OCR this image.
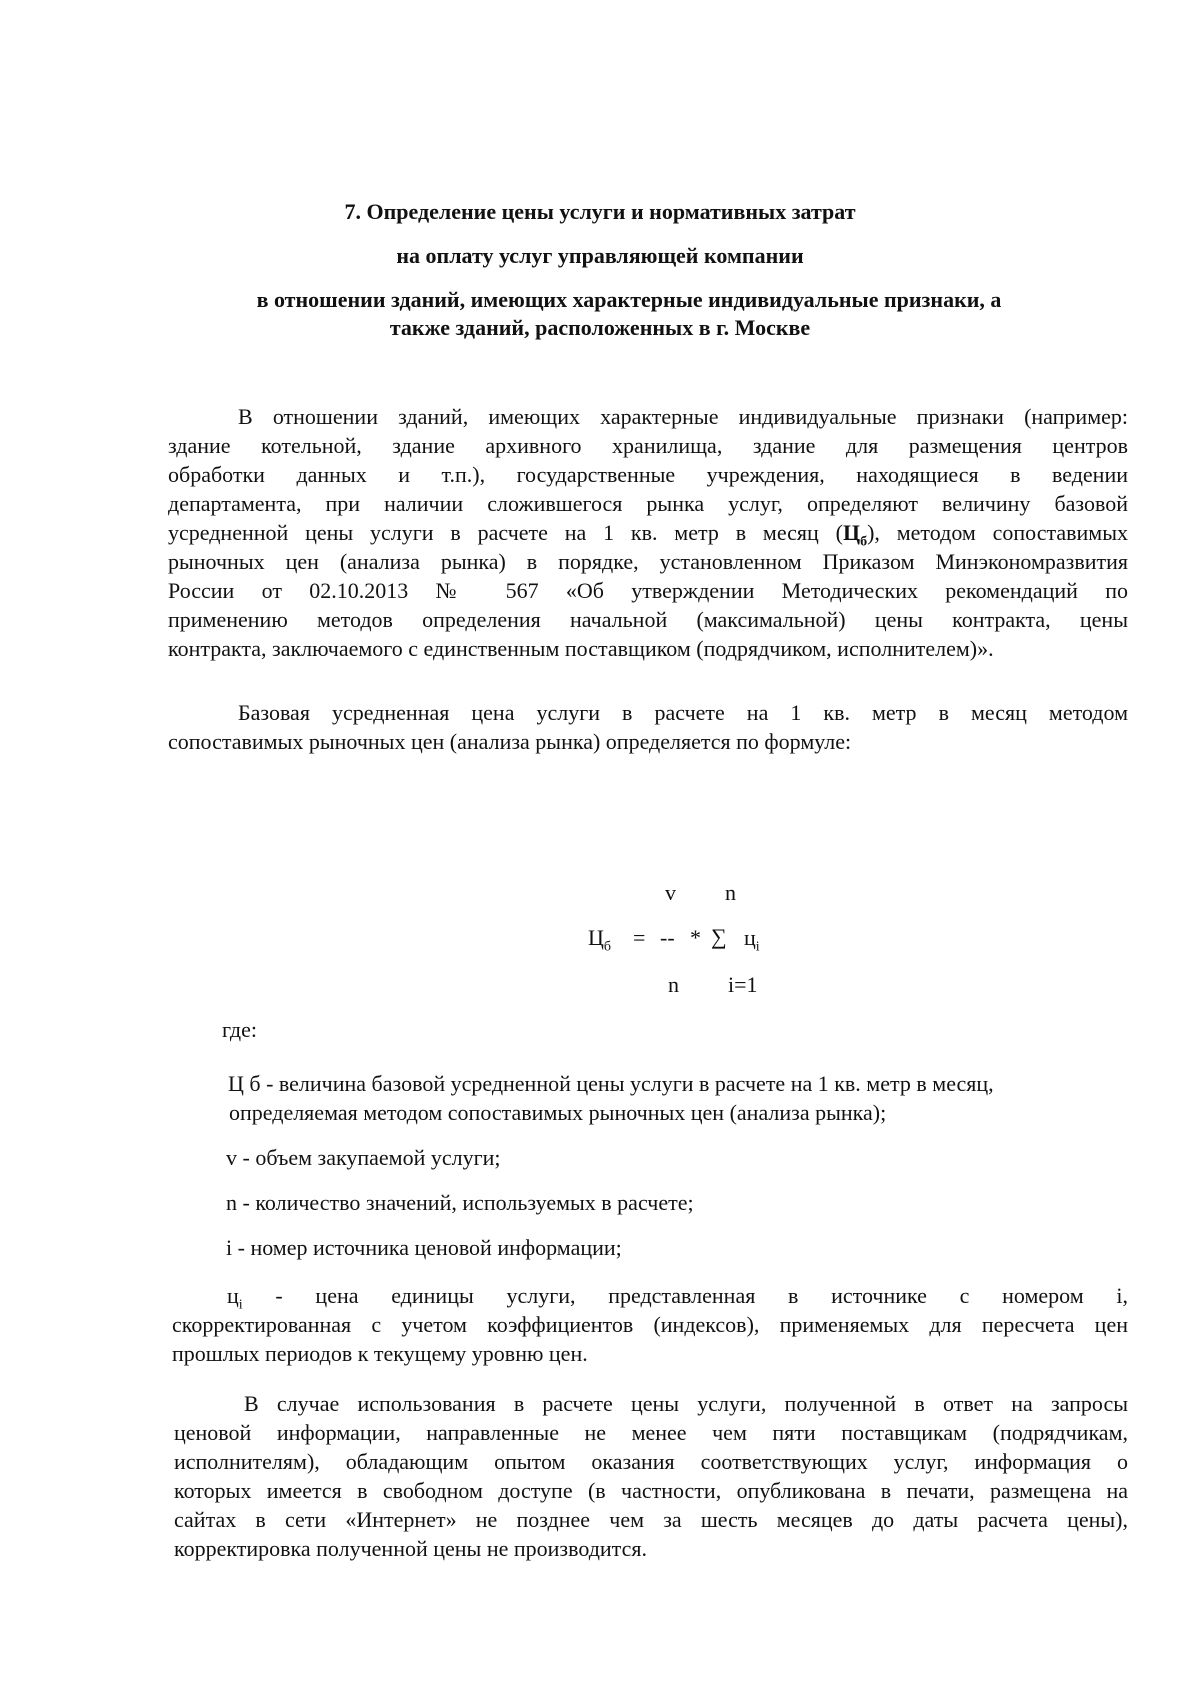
7. Определение цены услуги и нормативных затрат
на оплату услуг управляющей компании
в отношении зданий, имеющих характерные индивидуальные признаки, а
также зданий, расположенных в г. Москве
В отношении зданий, имеющих характерные индивидуальные признаки (например:
здание котельной, здание архивного хранилища, здание для размещения центров
обработки данных и т.п.), государственные учреждения, находящиеся в ведении
департамента, при наличии сложившегося рынка услуг, определяют величину базовой
усредненной цены услуги в расчете на 1 кв. метр в месяц $(Ц_б)$, методом сопоставимых
рыночных цен (анализа рынка) в порядке, установленном Приказом Минэкономразвития
России от 02.10.2013 № 567 «Об утверждении Методических рекомендаций по
применению методов определения начальной (максимальной) цены контракта, цены
контракта, заключаемого с единственным поставщиком (подрядчиком, исполнителем)».
Базовая усредненная цена услуги в расчете на 1 кв. метр в месяц методом
сопоставимых рыночных цен (анализа рынка) определяется по формуле:
v n
$Ц_б$ = -- * ∑ $ц_i$
n i=1
где:
Ц б - величина базовой усредненной цены услуги в расчете на 1 кв. метр в месяц,
определяемая методом сопоставимых рыночных цен (анализа рынка);
v - объем закупаемой услуги;
n - количество значений, используемых в расчете;
i - номер источника ценовой информации;
$ц_i$ - цена единицы услуги, представленная в источнике с номером i,
скорректированная с учетом коэффициентов (индексов), применяемых для пересчета цен
прошлых периодов к текущему уровню цен.
В случае использования в расчете цены услуги, полученной в ответ на запросы
ценовой информации, направленные не менее чем пяти поставщикам (подрядчикам,
исполнителям), обладающим опытом оказания соответствующих услуг, информация о
которых имеется в свободном доступе (в частности, опубликована в печати, размещена на
сайтах в сети «Интернет» не позднее чем за шесть месяцев до даты расчета цены),
корректировка полученной цены не производится.
